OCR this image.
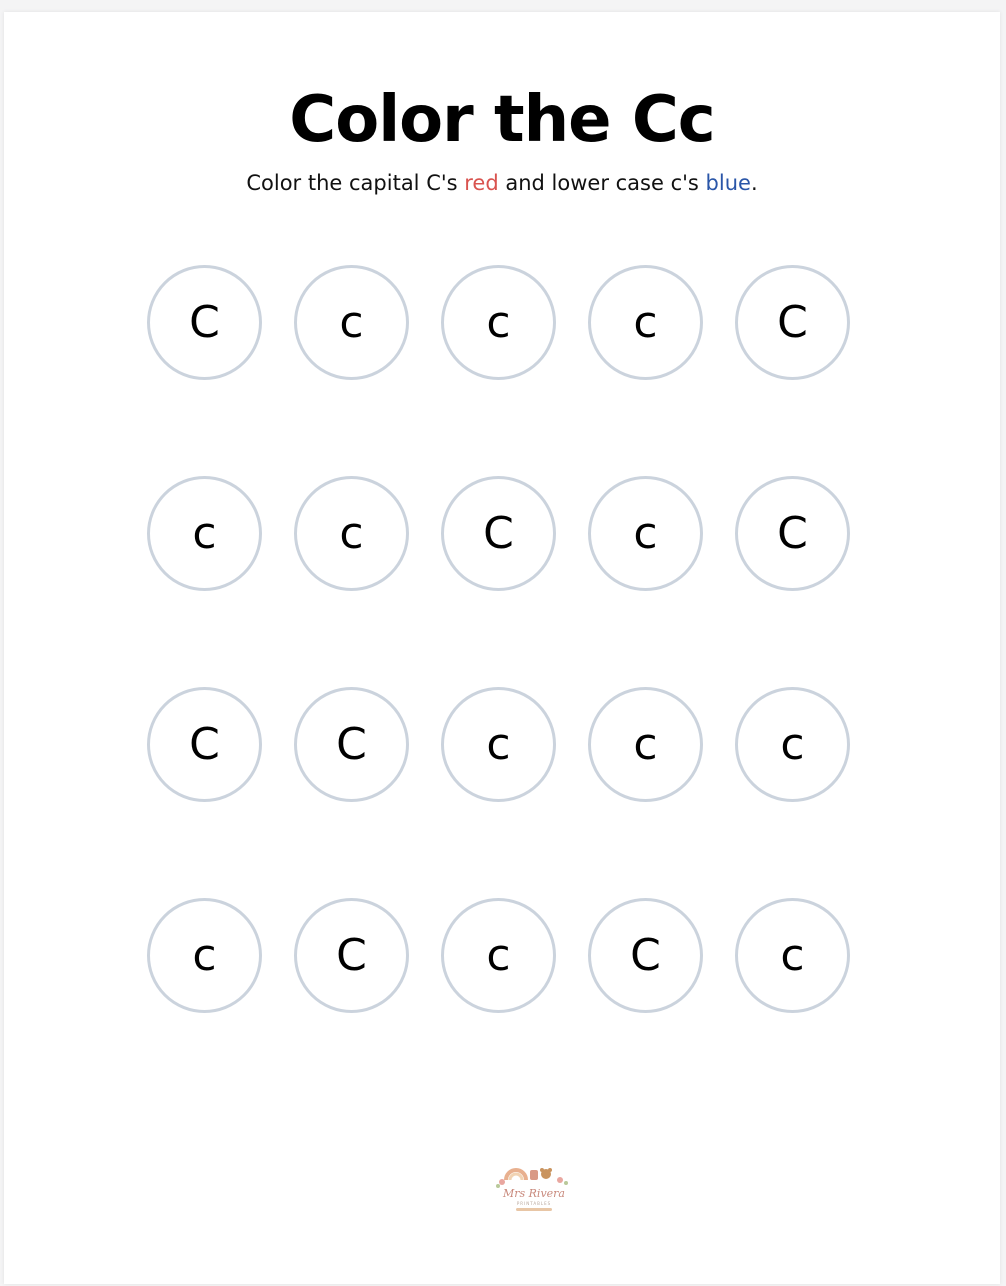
Color the Cc

Color the capital C's red and lower case c's blue.

C	c	c	c	C
c	c	C	c	C
C	C	c	c	c
c	C	c	C	c
Mrs Rivera
PRINTABLES
